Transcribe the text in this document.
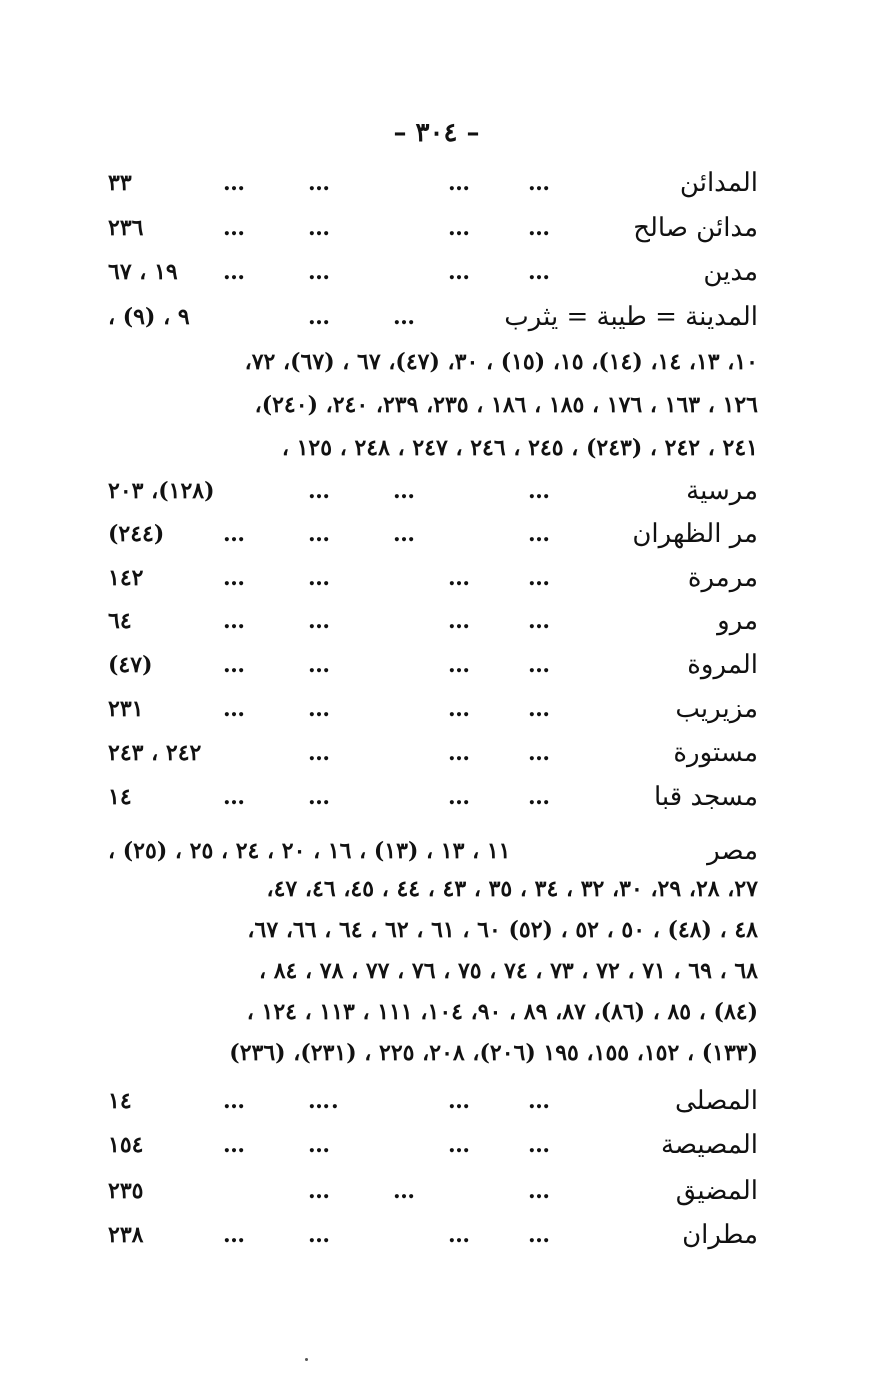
– ٣٠٤ –
المدائن
…
…
…
…
٣٣
مدائن صالح
…
…
…
…
٢٣٦
مدين
…
…
…
…
١٩ ، ٦٧
المدينة = طيبة = يثرب
…
…
٩ ، (٩) ،
١٠، ١٣، ١٤، (١٤)، ١٥، (١٥) ، ٣٠، (٤٧)، ٦٧ ، (٦٧)، ٧٢،
١٢٦ ، ١٦٣ ، ١٧٦ ، ١٨٥ ، ١٨٦ ، ٢٣٥، ٢٣٩، ٢٤٠، (٢٤٠)،
٢٤١ ، ٢٤٢ ، (٢٤٣) ، ٢٤٥ ، ٢٤٦ ، ٢٤٧ ، ٢٤٨ ، ١٢٥ ،
مرسية
…
…
…
(١٢٨)، ٢٠٣
مر الظهران
…
…
…
…
(٢٤٤)
مرمرة
…
…
…
…
١٤٢
مرو
…
…
…
…
٦٤
المروة
…
…
…
…
(٤٧)
مزيريب
…
…
…
…
٢٣١
مستورة
…
…
…
٢٤٢ ، ٢٤٣
مسجد قبا
…
…
…
…
١٤
مصر
١١ ، ١٣ ، (١٣) ، ١٦ ، ٢٠ ، ٢٤ ، ٢٥ ، (٢٥) ،
٢٧، ٢٨، ٢٩، ٣٠، ٣٢ ، ٣٤ ، ٣٥ ، ٤٣ ، ٤٤ ، ٤٥، ٤٦، ٤٧،
٤٨ ، (٤٨) ، ٥٠ ، ٥٢ ، (٥٢) ٦٠ ، ٦١ ، ٦٢ ، ٦٤ ، ٦٦، ٦٧،
٦٨ ، ٦٩ ، ٧١ ، ٧٢ ، ٧٣ ، ٧٤ ، ٧٥ ، ٧٦ ، ٧٧ ، ٧٨ ، ٨٤ ،
(٨٤) ، ٨٥ ، (٨٦)، ٨٧، ٨٩ ، ٩٠، ١٠٤، ١١١ ، ١١٣ ، ١٢٤ ،
(١٣٣) ، ١٥٢، ١٥٥، ١٩٥ (٢٠٦)، ٢٠٨، ٢٢٥ ، (٢٣١)، (٢٣٦)
المصلى
…
…
….
…
١٤
المصيصة
…
…
…
…
١٥٤
المضيق
…
…
…
٢٣٥
مطران
…
…
…
…
٢٣٨
